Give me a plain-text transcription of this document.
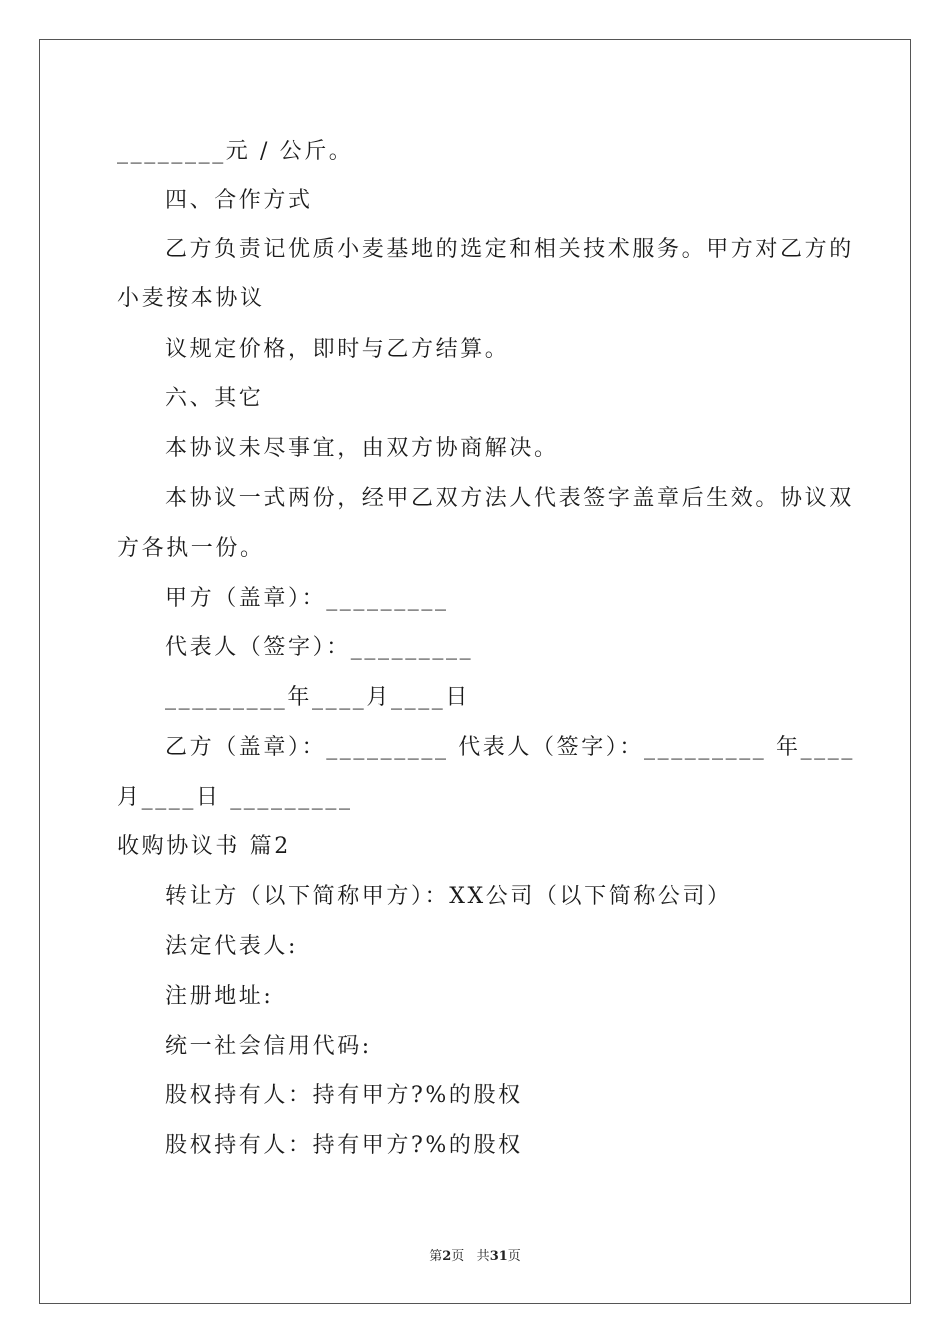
________元 / 公斤。
四、合作方式
乙方负责记优质小麦基地的选定和相关技术服务。甲方对乙方的
小麦按本协议
议规定价格，即时与乙方结算。
六、其它
本协议未尽事宜，由双方协商解决。
本协议一式两份，经甲乙双方法人代表签字盖章后生效。协议双
方各执一份。
甲方（盖章）：_________
代表人（签字）：_________
_________年____月____日
乙方（盖章）：_________ 代表人（签字）：_________ 年____
月____日 _________
收购协议书 篇2
转让方（以下简称甲方）：XX公司（以下简称公司）
法定代表人:
注册地址:
统一社会信用代码:
股权持有人：持有甲方?%的股权
股权持有人：持有甲方?%的股权
第2页 共31页
